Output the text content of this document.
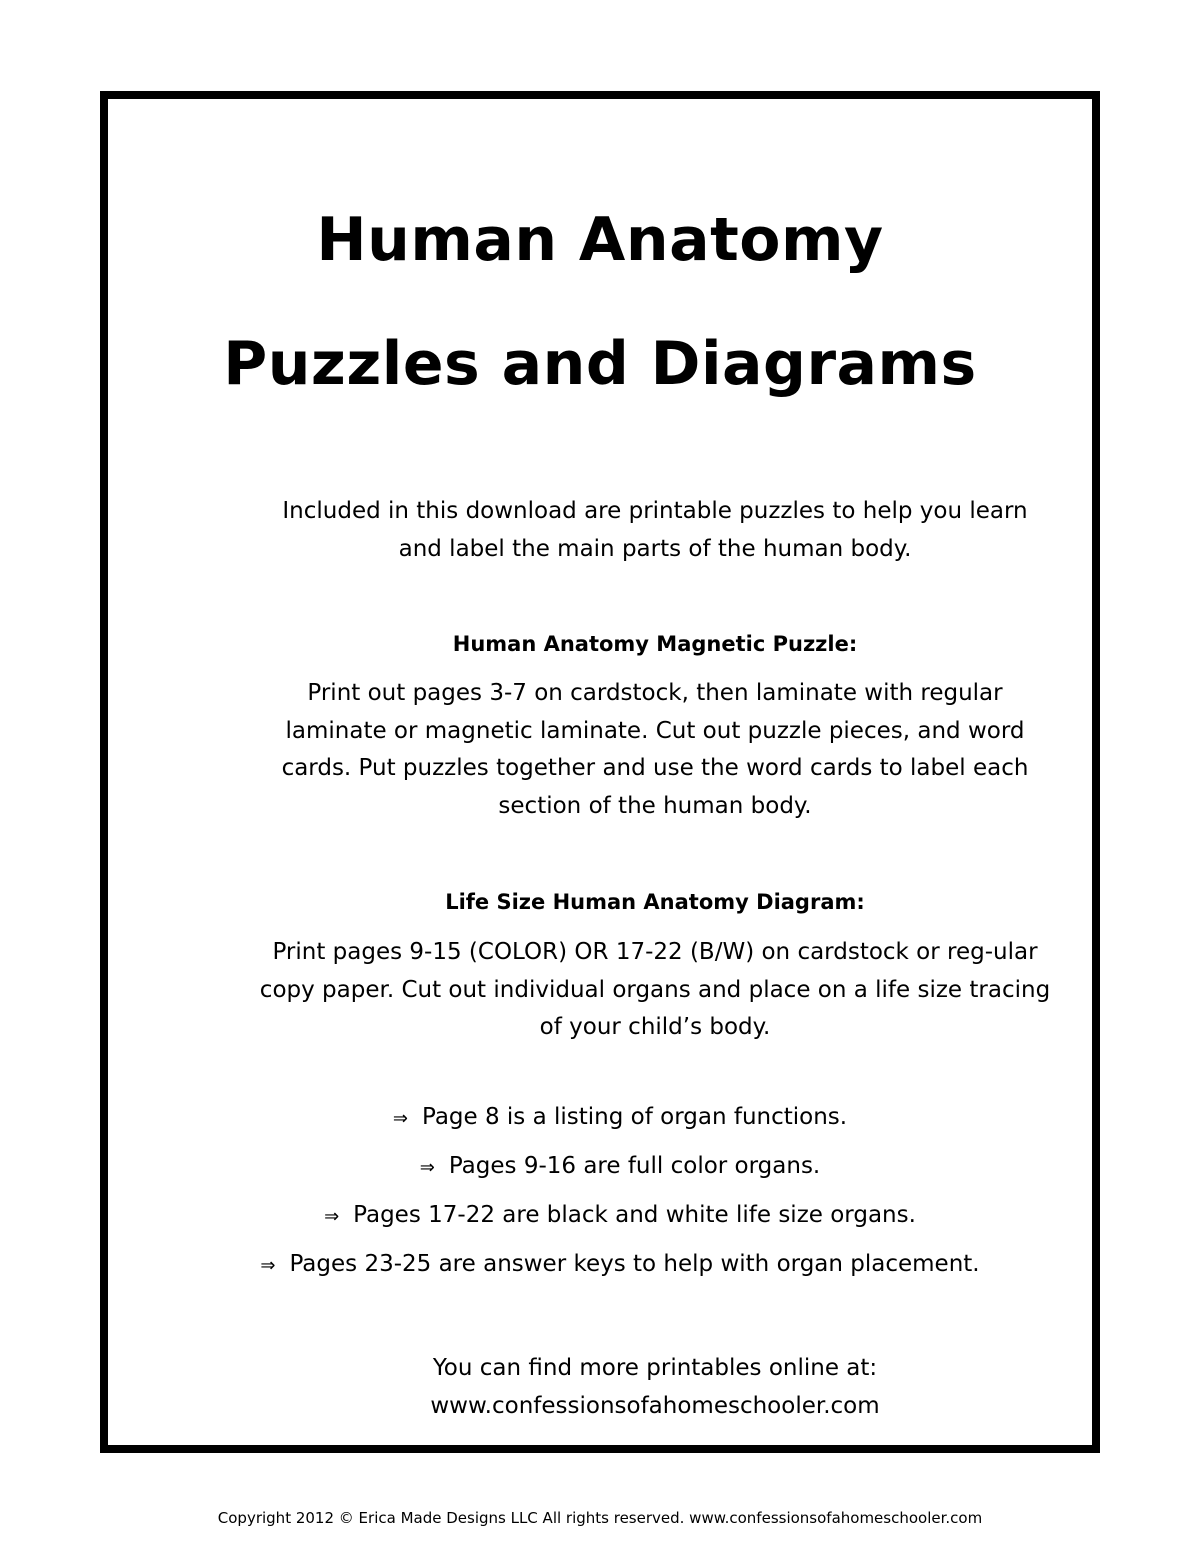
Human Anatomy
Puzzles and Diagrams
Included in this download are printable puzzles to help you learn and label the main parts of the human body.
Human Anatomy Magnetic Puzzle:
Print out pages 3-7 on cardstock, then laminate with regular laminate or magnetic laminate. Cut out puzzle pieces, and word cards. Put puzzles together and use the word cards to label each section of the human body.
Life Size Human Anatomy Diagram:
Print pages 9-15 (COLOR) OR 17-22 (B/W) on cardstock or reg-ular copy paper. Cut out individual organs and place on a life size tracing of your child’s body.
⇒ Page 8 is a listing of organ functions.
⇒ Pages 9-16 are full color organs.
⇒ Pages 17-22 are black and white life size organs.
⇒ Pages 23-25 are answer keys to help with organ placement.
You can find more printables online at:
www.confessionsofahomeschooler.com
Copyright 2012 © Erica Made Designs LLC All rights reserved. www.confessionsofahomeschooler.com
